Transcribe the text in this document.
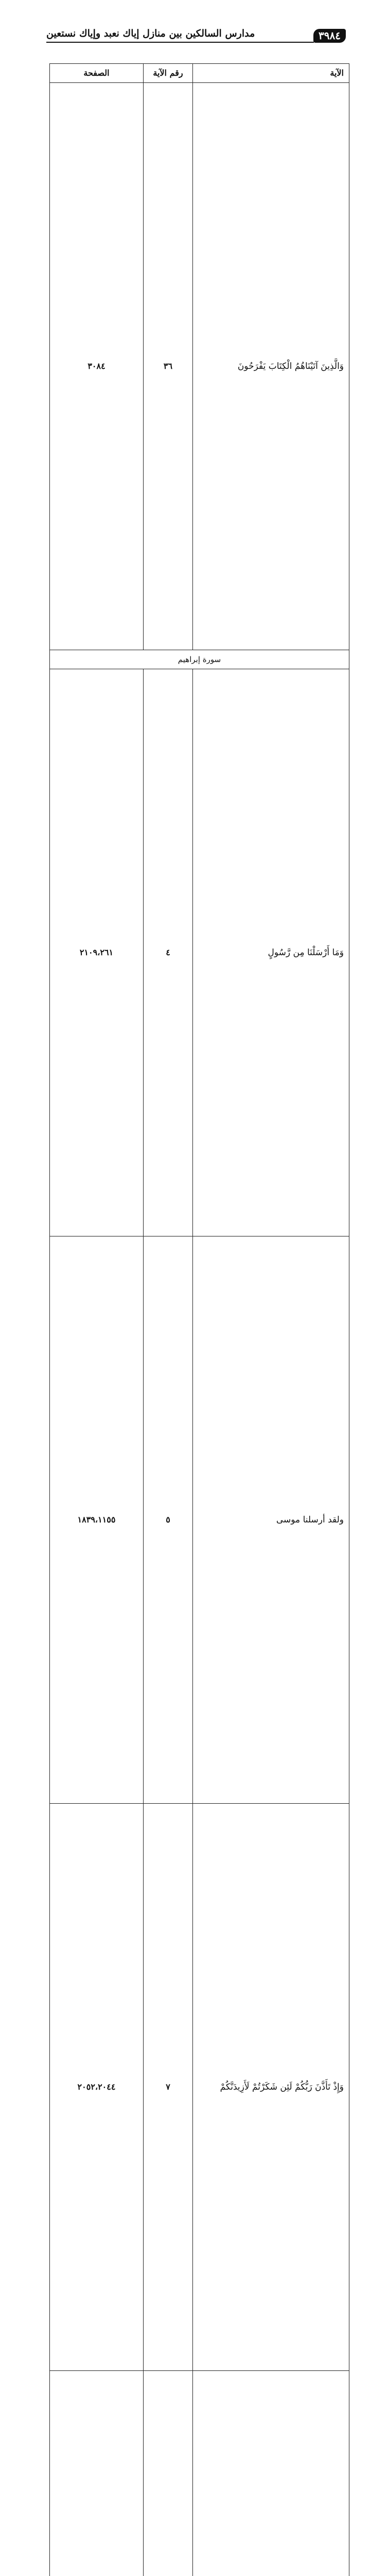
٣٩٨٤
مدارس السالكين بين منازل إياك نعبد وإياك نستعين
الآية	رقم الآية	الصفحة
وَالَّذِينَ آتَيْنَاهُمُ الْكِتَابَ يَفْرَحُونَ	٣٦	٣٠٨٤
سورة إبراهيم		
وَمَا أَرْسَلْنَا مِن رَّسُولٍ	٤	٢١٠٩،٢٦١
ولقد أرسلنا موسى	٥	١٨٣٩،١١٥٥
وَإِذْ تَأَذَّنَ رَبُّكُمْ لَئِن شَكَرْتُمْ لَأَزِيدَنَّكُمْ	٧	٢٠٥٢،٢٠٤٤
